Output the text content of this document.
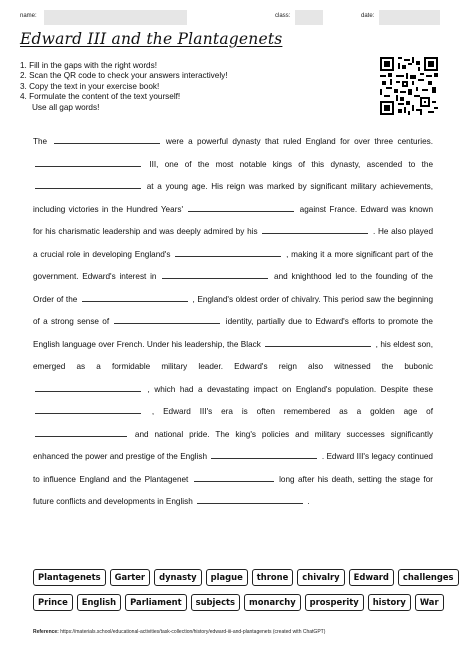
name:	class:	date:
Edward III and the Plantagenets
1. Fill in the gaps with the right words!
2. Scan the QR code to check your answers interactively!
3. Copy the text in your exercise book!
4. Formulate the content of the text yourself!
Use all gap words!
The	were a powerful dynasty that ruled England for over three centuries.  III, one of the most notable kings of this dynasty, ascended to the  at a young age. His reign was marked by significant military achievements, including victories in the Hundred Years'	against France. Edward was known for his charismatic leadership and was deeply admired by his	. He also played a crucial role in developing England's	, making it a more significant part of the government. Edward's interest in	and knighthood led to the founding of the Order of the	, England's oldest order of chivalry. This period saw the beginning of a strong sense of	identity, partially due to Edward's efforts to promote the English language over French. Under his leadership, the Black	, his eldest son, emerged as a formidable military leader. Edward's reign also witnessed the bubonic  , which had a devastating impact on England's population. Despite these  , Edward III's era is often remembered as a golden age of  and national pride. The king's policies and military successes significantly enhanced the power and prestige of the English	. Edward III's legacy continued to influence England and the Plantagenet	long after his death, setting the stage for future conflicts and developments in English	.
Plantagenets	Garter	dynasty	plague	throne	chivalry	Edward	challenges
Prince	English	Parliament	subjects	monarchy	prosperity	history	War
Reference: https://materials.school/educational-activities/task-collection/history/edward-iii-and-plantagenets (created with ChatGPT)
